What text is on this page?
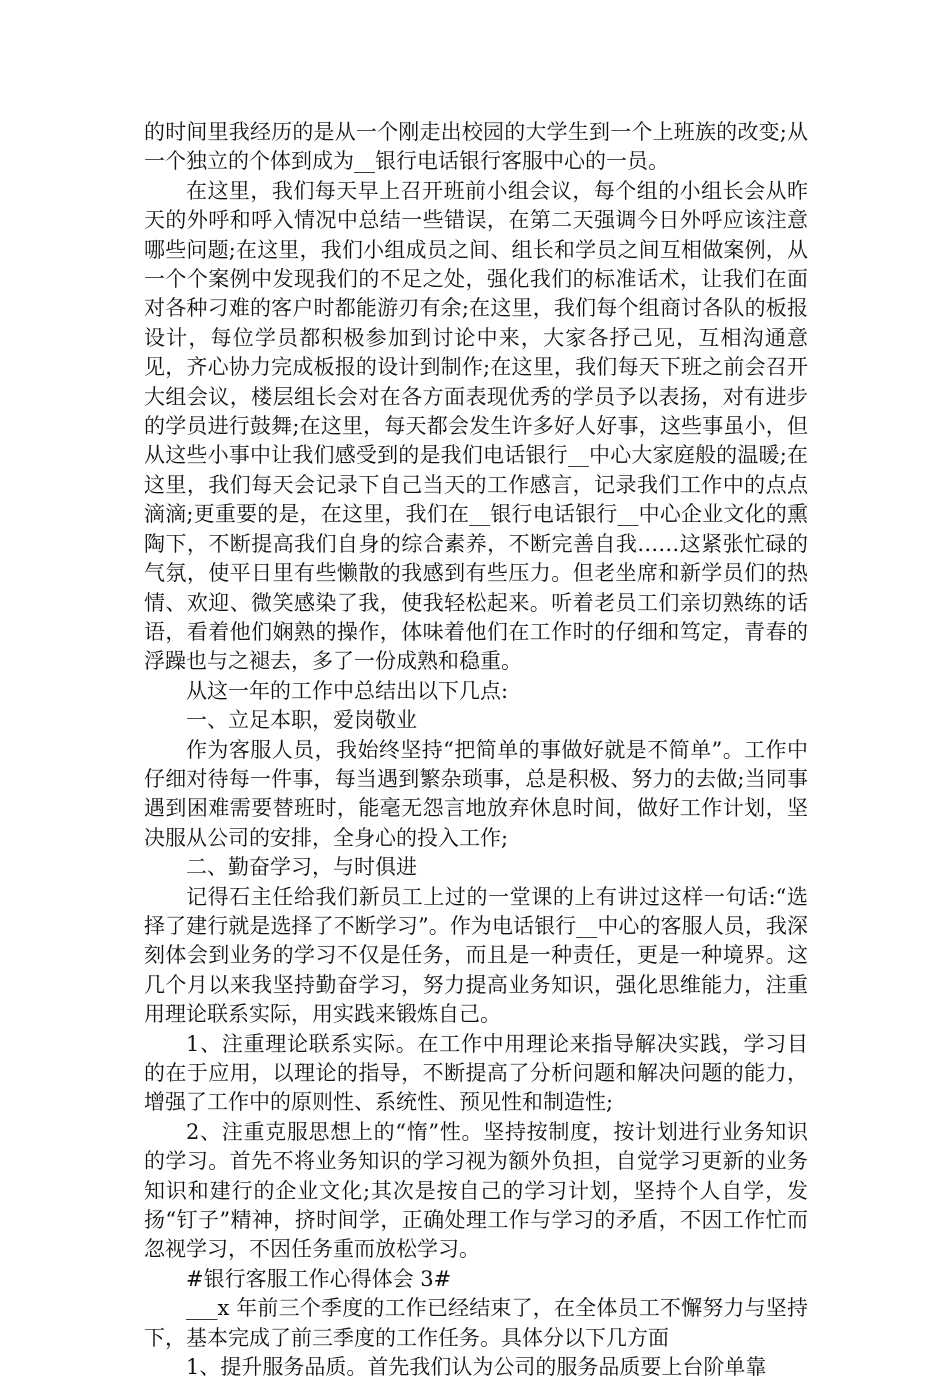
的时间里我经历的是从一个刚走出校园的大学生到一个上班族的改变;从一个独立的个体到成为__银行电话银行客服中心的一员。

在这里，我们每天早上召开班前小组会议，每个组的小组长会从昨天的外呼和呼入情况中总结一些错误，在第二天强调今日外呼应该注意哪些问题;在这里，我们小组成员之间、组长和学员之间互相做案例，从一个个案例中发现我们的不足之处，强化我们的标准话术，让我们在面对各种刁难的客户时都能游刃有余;在这里，我们每个组商讨各队的板报设计，每位学员都积极参加到讨论中来，大家各抒己见，互相沟通意见，齐心协力完成板报的设计到制作;在这里，我们每天下班之前会召开大组会议，楼层组长会对在各方面表现优秀的学员予以表扬，对有进步的学员进行鼓舞;在这里，每天都会发生许多好人好事，这些事虽小，但从这些小事中让我们感受到的是我们电话银行__中心大家庭般的温暖;在这里，我们每天会记录下自己当天的工作感言，记录我们工作中的点点滴滴;更重要的是，在这里，我们在__银行电话银行__中心企业文化的熏陶下，不断提高我们自身的综合素养，不断完善自我……这紧张忙碌的气氛，使平日里有些懒散的我感到有些压力。但老坐席和新学员们的热情、欢迎、微笑感染了我，使我轻松起来。听着老员工们亲切熟练的话语，看着他们娴熟的操作，体味着他们在工作时的仔细和笃定，青春的浮躁也与之褪去，多了一份成熟和稳重。

从这一年的工作中总结出以下几点:

一、立足本职，爱岗敬业

作为客服人员，我始终坚持“把简单的事做好就是不简单”。工作中仔细对待每一件事，每当遇到繁杂琐事，总是积极、努力的去做;当同事遇到困难需要替班时，能毫无怨言地放弃休息时间，做好工作计划，坚决服从公司的安排，全身心的投入工作;

二、勤奋学习，与时俱进

记得石主任给我们新员工上过的一堂课的上有讲过这样一句话:“选择了建行就是选择了不断学习”。作为电话银行__中心的客服人员，我深刻体会到业务的学习不仅是任务，而且是一种责任，更是一种境界。这几个月以来我坚持勤奋学习，努力提高业务知识，强化思维能力，注重用理论联系实际，用实践来锻炼自己。

1、注重理论联系实际。在工作中用理论来指导解决实践，学习目的在于应用，以理论的指导，不断提高了分析问题和解决问题的能力，增强了工作中的原则性、系统性、预见性和制造性;

2、注重克服思想上的“惰”性。坚持按制度，按计划进行业务知识的学习。首先不将业务知识的学习视为额外负担，自觉学习更新的业务知识和建行的企业文化;其次是按自己的学习计划，坚持个人自学，发扬“钉子”精神，挤时间学，正确处理工作与学习的矛盾，不因工作忙而忽视学习，不因任务重而放松学习。

#银行客服工作心得体会 3#

___x 年前三个季度的工作已经结束了，在全体员工不懈努力与坚持下，基本完成了前三季度的工作任务。具体分以下几方面

1、提升服务品质。首先我们认为公司的服务品质要上台阶单靠
